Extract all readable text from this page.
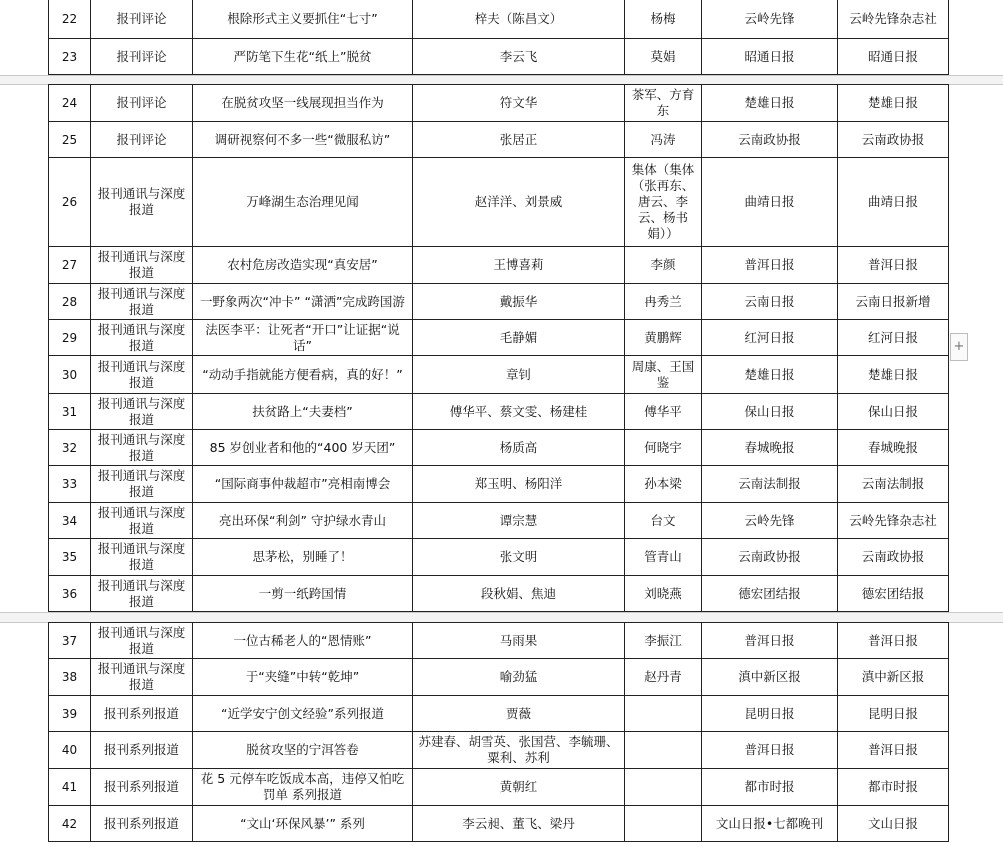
22	报刊评论	根除形式主义要抓住“七寸”	梓夫（陈昌文）	杨梅	云岭先锋	云岭先锋杂志社
23	报刊评论	严防笔下生花“纸上”脱贫	李云飞	莫娟	昭通日报	昭通日报
24	报刊评论	在脱贫攻坚一线展现担当作为	符文华	茶军、方育东	楚雄日报	楚雄日报
25	报刊评论	调研视察何不多一些“微服私访”	张居正	冯涛	云南政协报	云南政协报
26	报刊通讯与深度报道	万峰湖生态治理见闻	赵洋洋、刘景威	集体（集体（张再东、唐云、李云、杨书娟））	曲靖日报	曲靖日报
27	报刊通讯与深度报道	农村危房改造实现“真安居”	王博喜莉	李颜	普洱日报	普洱日报
28	报刊通讯与深度报道	一野象两次“冲卡” “潇洒”完成跨国游	戴振华	冉秀兰	云南日报	云南日报新增
29	报刊通讯与深度报道	法医李平：让死者“开口”让证据“说话”	毛静媚	黄鹏辉	红河日报	红河日报
30	报刊通讯与深度报道	“动动手指就能方便看病，真的好！”	章钊	周康、王国鉴	楚雄日报	楚雄日报
31	报刊通讯与深度报道	扶贫路上“夫妻档”	傅华平、蔡文雯、杨建桂	傅华平	保山日报	保山日报
32	报刊通讯与深度报道	85 岁创业者和他的“400 岁天团”	杨质高	何晓宇	春城晚报	春城晚报
33	报刊通讯与深度报道	“国际商事仲裁超市”亮相南博会	郑玉明、杨阳洋	孙本梁	云南法制报	云南法制报
34	报刊通讯与深度报道	亮出环保“利剑” 守护绿水青山	谭宗慧	台文	云岭先锋	云岭先锋杂志社
35	报刊通讯与深度报道	思茅松，别睡了！	张文明	管青山	云南政协报	云南政协报
36	报刊通讯与深度报道	一剪一纸跨国情	段秋娟、焦迪	刘晓燕	德宏团结报	德宏团结报
37	报刊通讯与深度报道	一位古稀老人的“恩情账”	马雨果	李振江	普洱日报	普洱日报
38	报刊通讯与深度报道	于“夹缝”中转“乾坤”	喻劲猛	赵丹青	滇中新区报	滇中新区报
39	报刊系列报道	“近学安宁创文经验”系列报道	贾薇		昆明日报	昆明日报
40	报刊系列报道	脱贫攻坚的宁洱答卷	苏建春、胡雪英、张国营、李毓珊、粟利、苏利		普洱日报	普洱日报
41	报刊系列报道	花 5 元停车吃饭成本高，违停又怕吃罚单 系列报道	黄朝红		都市时报	都市时报
42	报刊系列报道	“文山‘环保风暴’” 系列	李云昶、董飞、梁丹		文山日报•七都晚刊	文山日报
+
